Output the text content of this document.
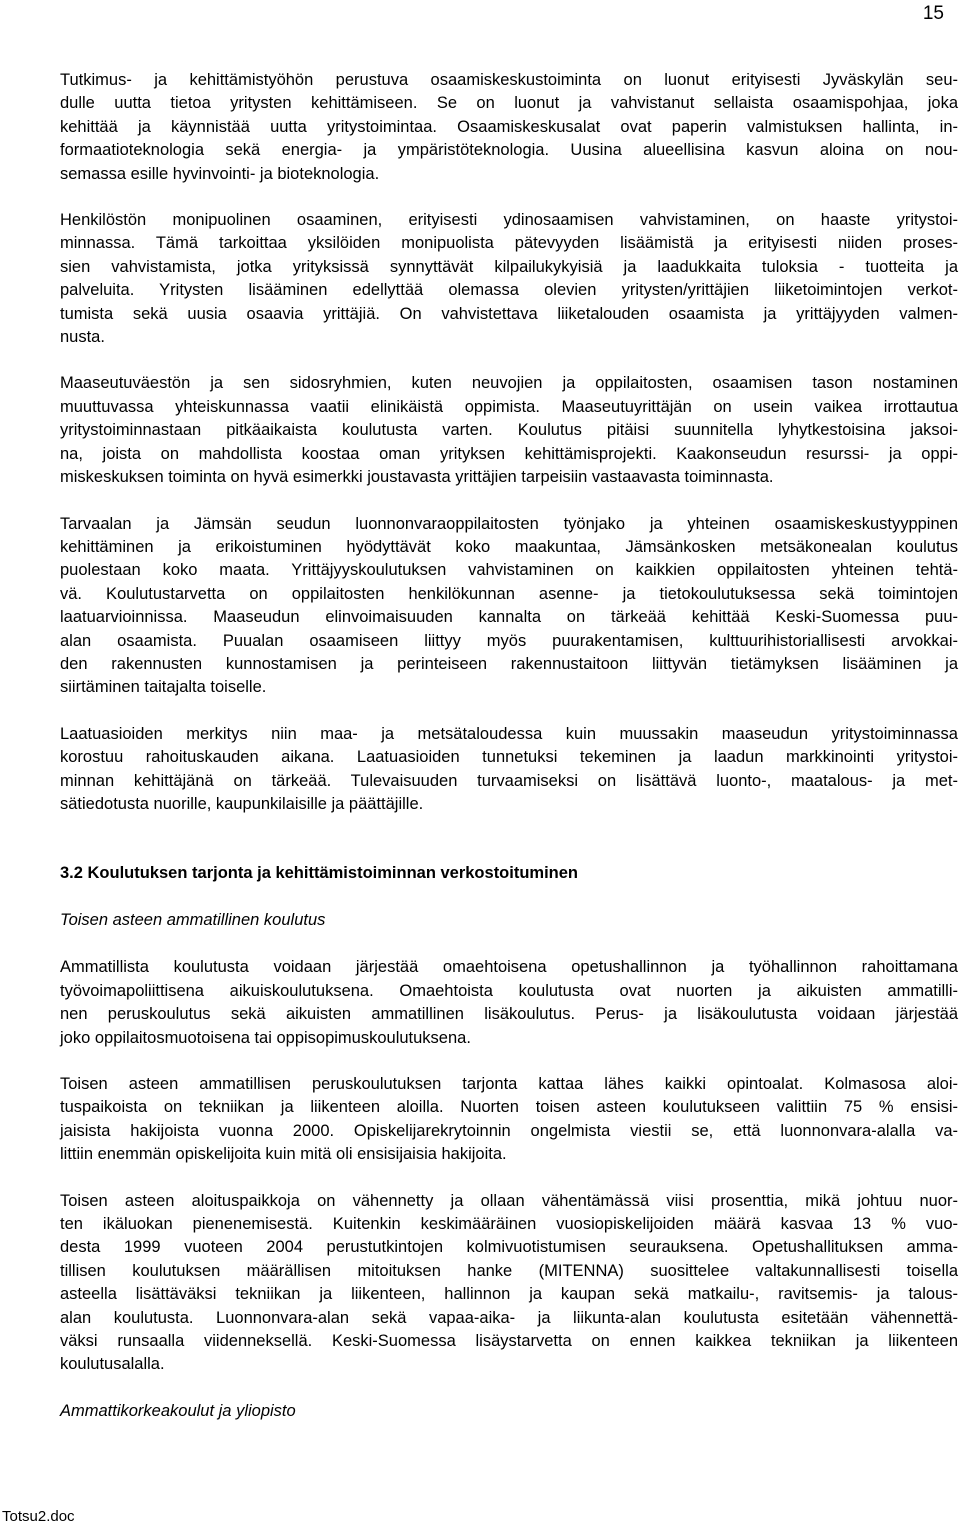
15
Tutkimus- ja kehittämistyöhön perustuva osaamiskeskustoiminta on luonut erityisesti Jyväskylän seu-
dulle uutta tietoa yritysten kehittämiseen. Se on luonut ja vahvistanut sellaista osaamispohjaa, joka
kehittää ja käynnistää uutta yritystoimintaa. Osaamiskeskusalat ovat paperin valmistuksen hallinta, in-
formaatioteknologia sekä energia- ja ympäristöteknologia. Uusina alueellisina kasvun aloina on nou-
semassa esille hyvinvointi- ja bioteknologia.
Henkilöstön monipuolinen osaaminen, erityisesti ydinosaamisen vahvistaminen, on haaste yritystoi-
minnassa. Tämä tarkoittaa yksilöiden monipuolista pätevyyden lisäämistä ja erityisesti niiden proses-
sien vahvistamista, jotka yrityksissä synnyttävät kilpailukykyisiä ja laadukkaita tuloksia - tuotteita ja
palveluita. Yritysten lisääminen edellyttää olemassa olevien yritysten/yrittäjien liiketoimintojen verkot-
tumista sekä uusia osaavia yrittäjiä. On vahvistettava liiketalouden osaamista ja yrittäjyyden valmen-
nusta.
Maaseutuväestön ja sen sidosryhmien, kuten neuvojien ja oppilaitosten, osaamisen tason nostaminen
muuttuvassa yhteiskunnassa vaatii elinikäistä oppimista. Maaseutuyrittäjän on usein vaikea irrottautua
yritystoiminnastaan pitkäaikaista koulutusta varten. Koulutus pitäisi suunnitella lyhytkestoisina jaksoi-
na, joista on mahdollista koostaa oman yrityksen kehittämisprojekti. Kaakonseudun resurssi- ja oppi-
miskeskuksen toiminta on hyvä esimerkki joustavasta yrittäjien tarpeisiin vastaavasta toiminnasta.
Tarvaalan ja Jämsän seudun luonnonvaraoppilaitosten työnjako ja yhteinen osaamiskeskustyyppinen
kehittäminen ja erikoistuminen hyödyttävät koko maakuntaa, Jämsänkosken metsäkonealan koulutus
puolestaan koko maata. Yrittäjyyskoulutuksen vahvistaminen on kaikkien oppilaitosten yhteinen tehtä-
vä. Koulutustarvetta on oppilaitosten henkilökunnan asenne- ja tietokoulutuksessa sekä toimintojen
laatuarvioinnissa. Maaseudun elinvoimaisuuden kannalta on tärkeää kehittää Keski-Suomessa puu-
alan osaamista. Puualan osaamiseen liittyy myös puurakentamisen, kulttuurihistoriallisesti arvokkai-
den rakennusten kunnostamisen ja perinteiseen rakennustaitoon liittyvän tietämyksen lisääminen ja
siirtäminen taitajalta toiselle.
Laatuasioiden merkitys niin maa- ja metsätaloudessa kuin muussakin maaseudun yritystoiminnassa
korostuu rahoituskauden aikana. Laatuasioiden tunnetuksi tekeminen ja laadun markkinointi yritystoi-
minnan kehittäjänä on tärkeää. Tulevaisuuden turvaamiseksi on lisättävä luonto-, maatalous- ja met-
sätiedotusta nuorille, kaupunkilaisille ja päättäjille.
3.2 Koulutuksen tarjonta ja kehittämistoiminnan verkostoituminen
Toisen asteen ammatillinen koulutus
Ammatillista koulutusta voidaan järjestää omaehtoisena opetushallinnon ja työhallinnon rahoittamana
työvoimapoliittisena aikuiskoulutuksena. Omaehtoista koulutusta ovat nuorten ja aikuisten ammatilli-
nen peruskoulutus sekä aikuisten ammatillinen lisäkoulutus. Perus- ja lisäkoulutusta voidaan järjestää
joko oppilaitosmuotoisena tai oppisopimuskoulutuksena.
Toisen asteen ammatillisen peruskoulutuksen tarjonta kattaa lähes kaikki opintoalat. Kolmasosa aloi-
tuspaikoista on tekniikan ja liikenteen aloilla. Nuorten toisen asteen koulutukseen valittiin 75 % ensisi-
jaisista hakijoista vuonna 2000. Opiskelijarekrytoinnin ongelmista viestii se, että luonnonvara-alalla va-
littiin enemmän opiskelijoita kuin mitä oli ensisijaisia hakijoita.
Toisen asteen aloituspaikkoja on vähennetty ja ollaan vähentämässä viisi prosenttia, mikä johtuu nuor-
ten ikäluokan pienenemisestä. Kuitenkin keskimääräinen vuosiopiskelijoiden määrä kasvaa 13 % vuo-
desta 1999 vuoteen 2004 perustutkintojen kolmivuotistumisen seurauksena. Opetushallituksen amma-
tillisen koulutuksen määrällisen mitoituksen hanke (MITENNA) suosittelee valtakunnallisesti toisella
asteella lisättäväksi tekniikan ja liikenteen, hallinnon ja kaupan sekä matkailu-, ravitsemis- ja talous-
alan koulutusta. Luonnonvara-alan sekä vapaa-aika- ja liikunta-alan koulutusta esitetään vähennettä-
väksi runsaalla viidenneksellä. Keski-Suomessa lisäystarvetta on ennen kaikkea tekniikan ja liikenteen
koulutusalalla.
Ammattikorkeakoulut ja yliopisto
Totsu2.doc
